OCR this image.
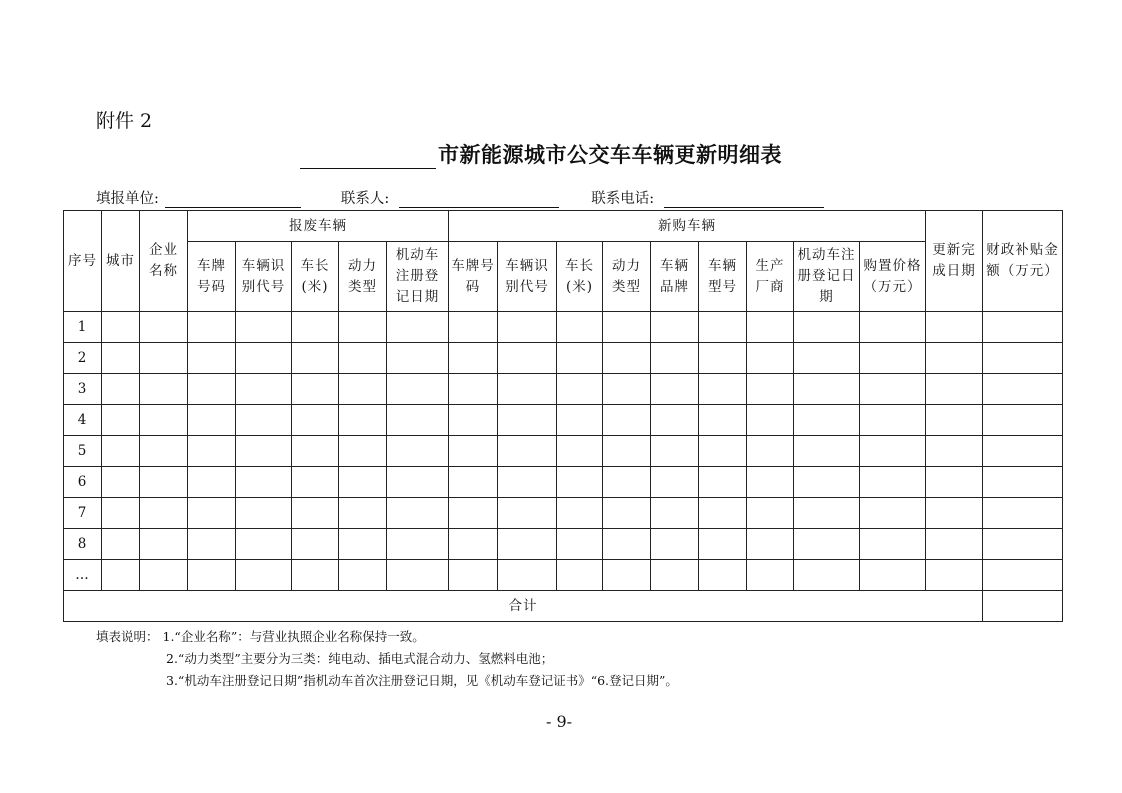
附件 2
市新能源城市公交车车辆更新明细表
填报单位:	联系人:	联系电话:
序号	城市	企业名称	报废车辆					新购车辆									更新完成日期	财政补贴金额（万元）
			车牌号码	车辆识别代号	车长(米)	动力类型	机动车注册登记日期	车牌号码	车辆识别代号	车长(米)	动力类型	车辆品牌	车辆型号	生产厂商	机动车注册登记日期	购置价格（万元）		
1																		
2																		
3																		
4																		
5																		
6																		
7																		
8																		
…																		
合计																		
填表说明： 1.“企业名称”：与营业执照企业名称保持一致。
2.“动力类型”主要分为三类：纯电动、插电式混合动力、氢燃料电池；
3.“机动车注册登记日期”指机动车首次注册登记日期，见《机动车登记证书》“6.登记日期”。
- 9-
